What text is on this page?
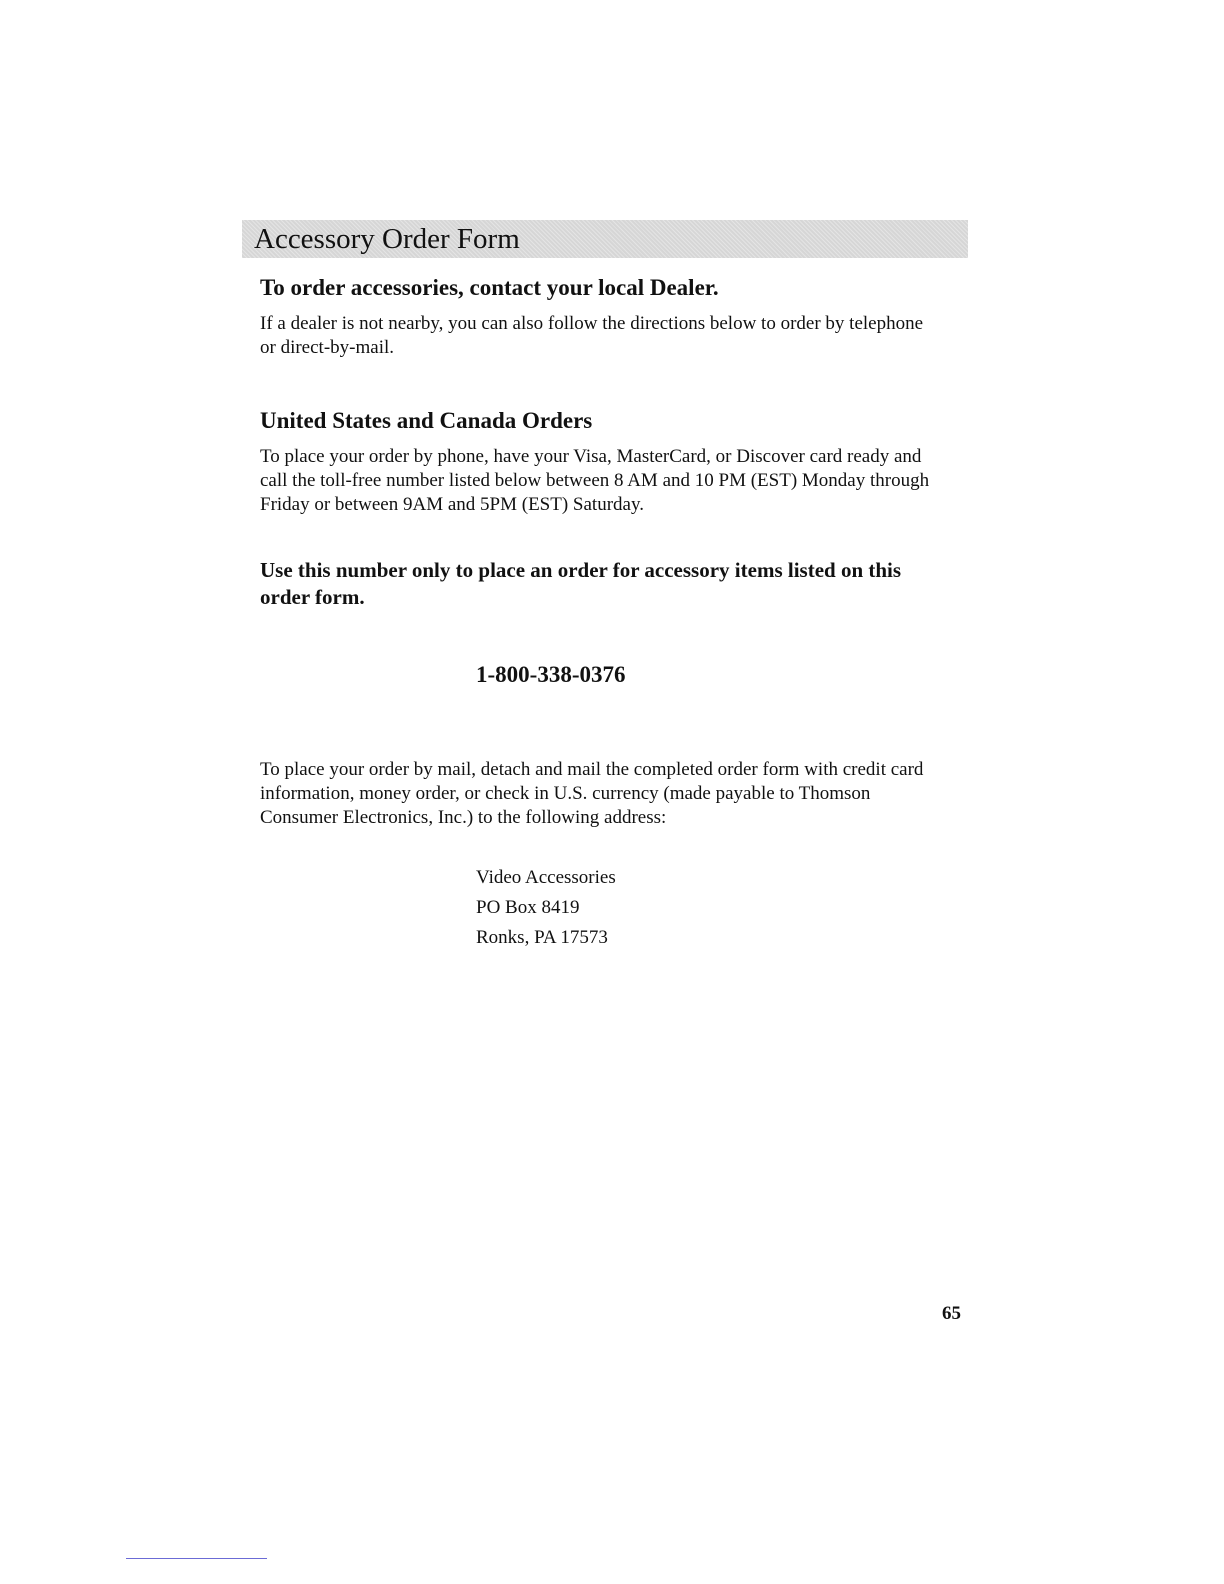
Accessory Order Form

To order accessories, contact your local Dealer.

If a dealer is not nearby, you can also follow the directions below to order by telephone or direct-by-mail.

United States and Canada Orders

To place your order by phone, have your Visa, MasterCard, or Discover card ready and call the toll-free number listed below between 8 AM and 10 PM (EST) Monday through Friday or between 9AM and 5PM (EST) Saturday.

Use this number only to place an order for accessory items listed on this order form.

1-800-338-0376

To place your order by mail, detach and mail the completed order form with credit card information, money order, or check in U.S. currency (made payable to Thomson Consumer Electronics, Inc.) to the following address:

Video Accessories
PO Box 8419
Ronks, PA 17573
65
